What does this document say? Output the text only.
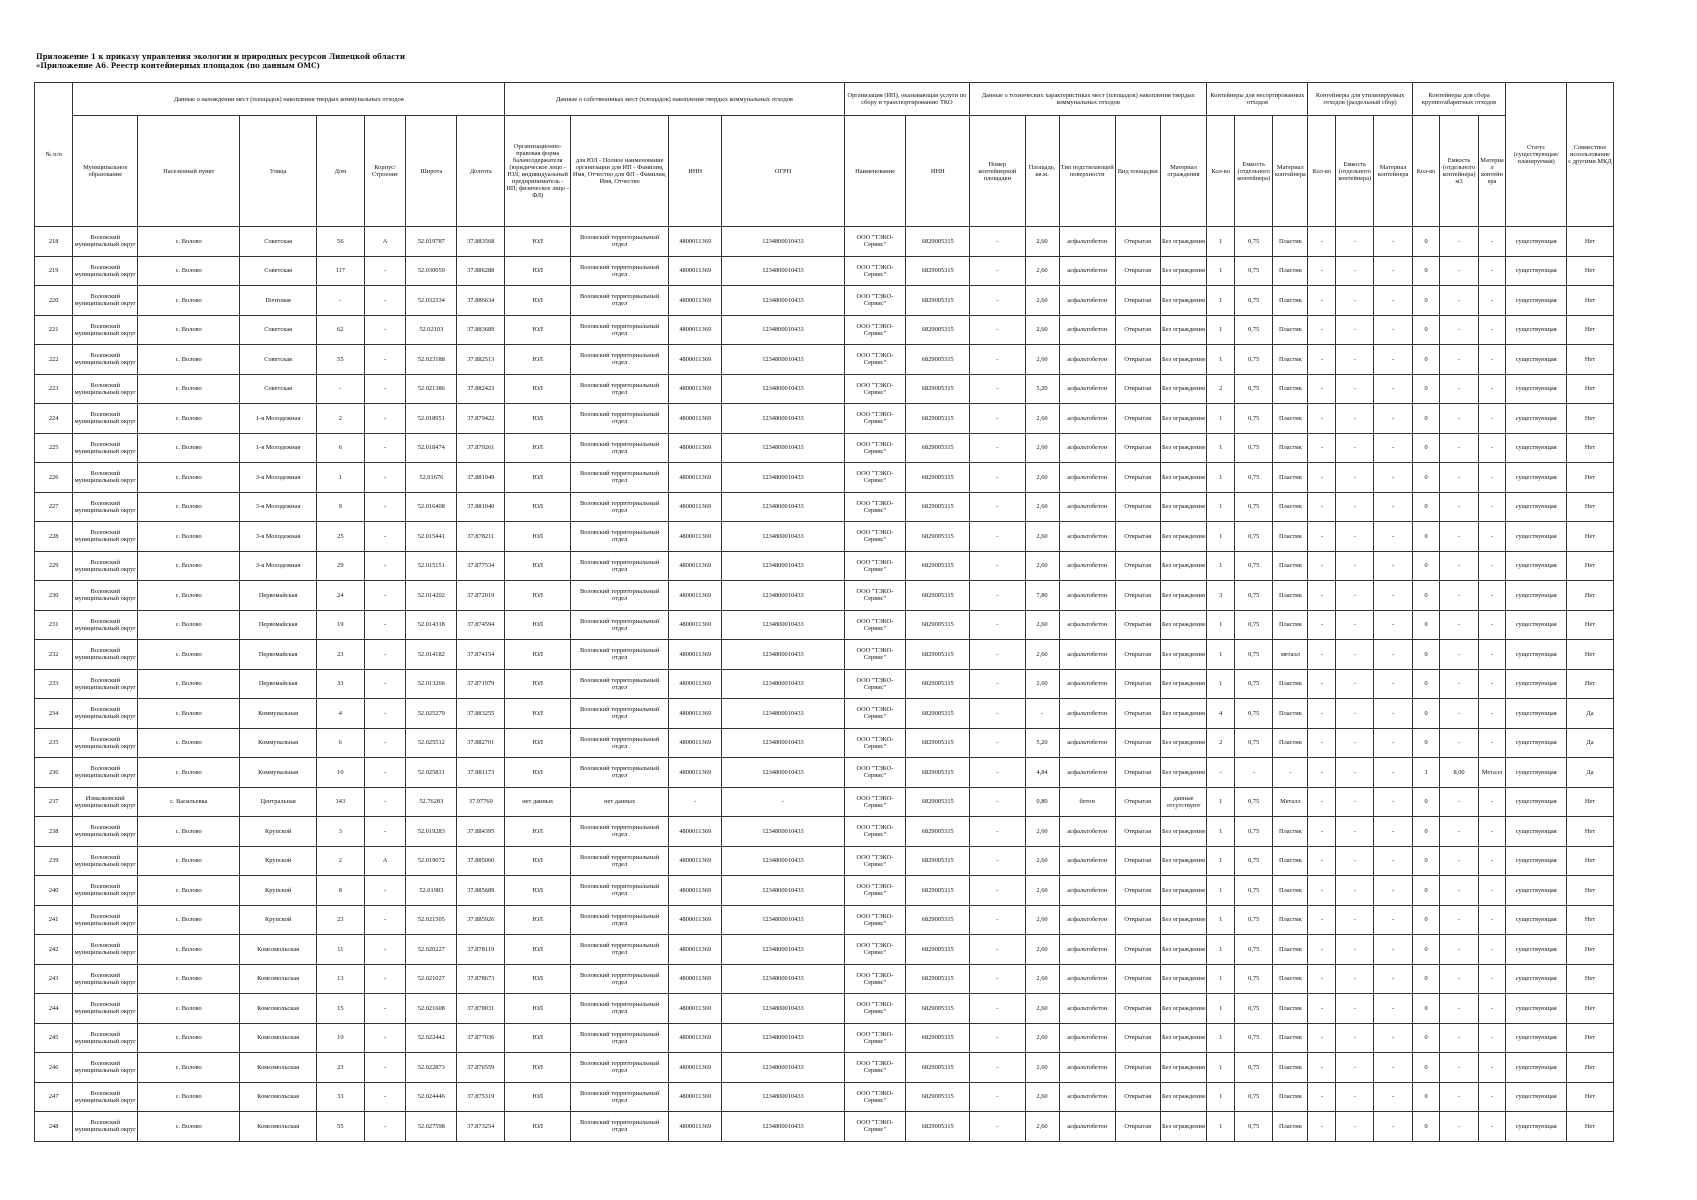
Приложение 1 к приказу управления экологии и природных ресурсов Липецкой области
«Приложение А6. Реестр контейнерных площадок (по данным ОМС)
№ п/п	Данные о нахождении мест (площадок) накопления твердых коммунальных отходов							Данные о собственниках мест (площадок) накопления твердых коммунальных отходов				Организация (ИП), оказывающая услуги по сбору и транспортированию ТКО		Данные о технических характеристиках мест (площадок) накопления твердых коммунальных отходов					Контейнеры для несортированных отходов			Контейнеры для утилизируемых отходов (раздельный сбор)			Контейнеры для сбора крупногабаритных отходов			Статус (существующая/ планируемая)	Совместное использование с другими МКД
	Муниципальное образование	Населенный пункт	Улица	Дом	Корпус/Строение	Широта	Долгота	Организационно-правовая форма балансодержателя (юридическое лицо - ЮЛ; индивидуальный предприниматель - ИП; физическое лицо - ФЛ)	для ЮЛ - Полное наименование организации для ИП - Фамилия, Имя, Отчество для ФЛ - Фамилия, Имя, Отчество	ИНН	ОГРН	Наименование	ИНН	Номер контейнерной площадки	Площадь, кв.м.	Тип подстилающей поверхности	Вид площадки	Материал ограждения	Кол-во	Емкость (отдельного контейнера)	Материал контейнера	Кол-во	Емкость (отдельного контейнера)	Материал контейнера	Кол-во	Емкость (отдельного контейнера) м3	Материал контейнера		
218	Воловский муниципальный округ	с. Волово	Советская	56	А	52.019787	37.883568	ЮЛ	Воловский территориальный отдел	4800011369	1234800010433	ООО "ТЭКО-Сервис"	6829005315	-	2,60	асфальтобетон	Открытая	Без ограждения	1	0,75	Пластик	-	-	-	0	-	-	существующая	Нет
219	Воловский муниципальный округ	с. Волово	Советская	117	-	52.030059	37.886288	ЮЛ	Воловский территориальный отдел	4800011369	1234800010433	ООО "ТЭКО-Сервис"	6829005315	-	2,60	асфальтобетон	Открытая	Без ограждения	1	0,75	Пластик	-	-	-	0	-	-	существующая	Нет
220	Воловский муниципальный округ	с. Волово	Почтовая	-	-	52.032334	37.886634	ЮЛ	Воловский территориальный отдел	4800011369	1234800010433	ООО "ТЭКО-Сервис"	6829005315	-	2,60	асфальтобетон	Открытая	Без ограждения	1	0,75	Пластик	-	-	-	0	-	-	существующая	Нет
221	Воловский муниципальный округ	с. Волово	Советская	62	-	52.02103	37.883689	ЮЛ	Воловский территориальный отдел	4800011369	1234800010433	ООО "ТЭКО-Сервис"	6829005315	-	2,60	асфальтобетон	Открытая	Без ограждения	1	0,75	Пластик	-	-	-	0	-	-	существующая	Нет
222	Воловский муниципальный округ	с. Волово	Советская	55	-	52.023188	37.882513	ЮЛ	Воловский территориальный отдел	4800011369	1234800010433	ООО "ТЭКО-Сервис"	6829005315	-	2,60	асфальтобетон	Открытая	Без ограждения	1	0,75	Пластик	-	-	-	0	-	-	существующая	Нет
223	Воловский муниципальный округ	с. Волово	Советская	-	-	52.021386	37.882423	ЮЛ	Воловский территориальный отдел	4800011369	1234800010433	ООО "ТЭКО-Сервис"	6829005315	-	5,20	асфальтобетон	Открытая	Без ограждения	2	0,75	Пластик	-	-	-	0	-	-	существующая	Нет
224	Воловский муниципальный округ	с. Волово	1-я Молодежная	2	-	52.018951	37.879422	ЮЛ	Воловский территориальный отдел	4800011369	1234800010433	ООО "ТЭКО-Сервис"	6829005315	-	2,60	асфальтобетон	Открытая	Без ограждения	1	0,75	Пластик	-	-	-	0	-	-	существующая	Нет
225	Воловский муниципальный округ	с. Волово	1-я Молодежная	6	-	52.018474	37.879261	ЮЛ	Воловский территориальный отдел	4800011369	1234800010433	ООО "ТЭКО-Сервис"	6829005315	-	2,60	асфальтобетон	Открытая	Без ограждения	1	0,75	Пластик	-	-	-	0	-	-	существующая	Нет
226	Воловский муниципальный округ	с. Волово	3-я Молодежная	1	-	52.01676	37.881949	ЮЛ	Воловский территориальный отдел	4800011369	1234800010433	ООО "ТЭКО-Сервис"	6829005315	-	2,60	асфальтобетон	Открытая	Без ограждения	1	0,75	Пластик	-	-	-	0	-	-	существующая	Нет
227	Воловский муниципальный округ	с. Волово	3-я Молодежная	9	-	52.016408	37.881940	ЮЛ	Воловский территориальный отдел	4800011369	1234800010433	ООО "ТЭКО-Сервис"	6829005315	-	2,60	асфальтобетон	Открытая	Без ограждения	1	0,75	Пластик	-	-	-	0	-	-	существующая	Нет
228	Воловский муниципальный округ	с. Волово	3-я Молодежная	25	-	52.015441	37.878211	ЮЛ	Воловский территориальный отдел	4800011369	1234800010433	ООО "ТЭКО-Сервис"	6829005315	-	2,60	асфальтобетон	Открытая	Без ограждения	1	0,75	Пластик	-	-	-	0	-	-	существующая	Нет
229	Воловский муниципальный округ	с. Волово	3-я Молодежная	29	-	52.015151	37.877534	ЮЛ	Воловский территориальный отдел	4800011369	1234800010433	ООО "ТЭКО-Сервис"	6829005315	-	2,60	асфальтобетон	Открытая	Без ограждения	1	0,75	Пластик	-	-	-	0	-	-	существующая	Нет
230	Воловский муниципальный округ	с. Волово	Первомайская	24	-	52.014202	37.872019	ЮЛ	Воловский территориальный отдел	4800011369	1234800010433	ООО "ТЭКО-Сервис"	6829005315	-	7,80	асфальтобетон	Открытая	Без ограждения	3	0,75	Пластик	-	-	-	0	-	-	существующая	Нет
231	Воловский муниципальный округ	с. Волово	Первомайская	19	-	52.014318	37.874594	ЮЛ	Воловский территориальный отдел	4800011369	1234800010433	ООО "ТЭКО-Сервис"	6829005315	-	2,60	асфальтобетон	Открытая	Без ограждения	1	0,75	Пластик	-	-	-	0	-	-	существующая	Нет
232	Воловский муниципальный округ	с. Волово	Первомайская	23	-	52.014182	37.874154	ЮЛ	Воловский территориальный отдел	4800011369	1234800010433	ООО "ТЭКО-Сервис"	6829005315	-	2,60	асфальтобетон	Открытая	Без ограждения	1	0,75	металл	-	-	-	0	-	-	существующая	Нет
233	Воловский муниципальный округ	с. Волово	Первомайская	33	-	52.013266	37.871979	ЮЛ	Воловский территориальный отдел	4800011369	1234800010433	ООО "ТЭКО-Сервис"	6829005315	-	2,60	асфальтобетон	Открытая	Без ограждения	1	0,75	Пластик	-	-	-	0	-	-	существующая	Нет
234	Воловский муниципальный округ	с. Волово	Коммунальная	4	-	52.025279	37.883255	ЮЛ	Воловский территориальный отдел	4800011369	1234800010433	ООО "ТЭКО-Сервис"	6829005315	-	-	асфальтобетон	Открытая	Без ограждения	4	0,75	Пластик	-	-	-	0	-	-	существующая	Да
235	Воловский муниципальный округ	с. Волово	Коммунальная	6	-	52.025512	37.882701	ЮЛ	Воловский территориальный отдел	4800011369	1234800010433	ООО "ТЭКО-Сервис"	6829005315	-	5,20	асфальтобетон	Открытая	Без ограждения	2	0,75	Пластик	-	-	-	0	-	-	существующая	Да
236	Воловский муниципальный округ	с. Волово	Коммунальная	10	-	52.025831	37.881173	ЮЛ	Воловский территориальный отдел	4800011369	1234800010433	ООО "ТЭКО-Сервис"	6829005315	-	4,84	асфальтобетон	Открытая	Без ограждения	-	-	-	-	-	-	1	8,00	Металл	существующая	Да
237	Измалковский муниципальный округ	с. Васильевка	Центральная	143	-	52.76283	37.97760	нет данных	нет данных	-	-	ООО "ТЭКО-Сервис"	6829005315	-	0,80	бетон	Открытая	данные отсутствуют	1	0,75	Металл	-	-	-	0	-	-	существующая	Нет
238	Воловский муниципальный округ	с. Волово	Крупской	3	-	52.019283	37.884395	ЮЛ	Воловский территориальный отдел	4800011369	1234800010433	ООО "ТЭКО-Сервис"	6829005315	-	2,60	асфальтобетон	Открытая	Без ограждения	1	0,75	Пластик	-	-	-	0	-	-	существующая	Нет
239	Воловский муниципальный округ	с. Волово	Крупской	2	А	52.019072	37.885060	ЮЛ	Воловский территориальный отдел	4800011369	1234800010433	ООО "ТЭКО-Сервис"	6829005315	-	2,60	асфальтобетон	Открытая	Без ограждения	1	0,75	Пластик	-	-	-	0	-	-	существующая	Нет
240	Воловский муниципальный округ	с. Волово	Крупской	8	-	52.01983	37.885689	ЮЛ	Воловский территориальный отдел	4800011369	1234800010433	ООО "ТЭКО-Сервис"	6829005315	-	2,60	асфальтобетон	Открытая	Без ограждения	1	0,75	Пластик	-	-	-	0	-	-	существующая	Нет
241	Воловский муниципальный округ	с. Волово	Крупской	23	-	52.021505	37.885926	ЮЛ	Воловский территориальный отдел	4800011369	1234800010433	ООО "ТЭКО-Сервис"	6829005315	-	2,60	асфальтобетон	Открытая	Без ограждения	1	0,75	Пластик	-	-	-	0	-	-	существующая	Нет
242	Воловский муниципальный округ	с. Волово	Комсомольская	11	-	52.020227	37.878119	ЮЛ	Воловский территориальный отдел	4800011369	1234800010433	ООО "ТЭКО-Сервис"	6829005315	-	2,60	асфальтобетон	Открытая	Без ограждения	1	0,75	Пластик	-	-	-	0	-	-	существующая	Нет
243	Воловский муниципальный округ	с. Волово	Комсомольская	13	-	52.021027	37.878673	ЮЛ	Воловский территориальный отдел	4800011369	1234800010433	ООО "ТЭКО-Сервис"	6829005315	-	2,60	асфальтобетон	Открытая	Без ограждения	1	0,75	Пластик	-	-	-	0	-	-	существующая	Нет
244	Воловский муниципальный округ	с. Волово	Комсомольская	15	-	52.021608	37.878031	ЮЛ	Воловский территориальный отдел	4800011369	1234800010433	ООО "ТЭКО-Сервис"	6829005315	-	2,60	асфальтобетон	Открытая	Без ограждения	1	0,75	Пластик	-	-	-	0	-	-	существующая	Нет
245	Воловский муниципальный округ	с. Волово	Комсомольская	19	-	52.022442	37.877036	ЮЛ	Воловский территориальный отдел	4800011369	1234800010433	ООО "ТЭКО-Сервис"	6829005315	-	2,60	асфальтобетон	Открытая	Без ограждения	1	0,75	Пластик	-	-	-	0	-	-	существующая	Нет
246	Воловский муниципальный округ	с. Волово	Комсомольская	23	-	52.022873	37.876559	ЮЛ	Воловский территориальный отдел	4800011369	1234800010433	ООО "ТЭКО-Сервис"	6829005315	-	2,60	асфальтобетон	Открытая	Без ограждения	1	0,75	Пластик	-	-	-	0	-	-	существующая	Нет
247	Воловский муниципальный округ	с. Волово	Комсомольская	33	-	52.024446	37.875319	ЮЛ	Воловский территориальный отдел	4800011369	1234800010433	ООО "ТЭКО-Сервис"	6829005315	-	2,60	асфальтобетон	Открытая	Без ограждения	1	0,75	Пластик	-	-	-	0	-	-	существующая	Нет
248	Воловский муниципальный округ	с. Волово	Комсомольская	55	-	52.027598	37.873254	ЮЛ	Воловский территориальный отдел	4800011369	1234800010433	ООО "ТЭКО-Сервис"	6829005315	-	2,60	асфальтобетон	Открытая	Без ограждения	1	0,75	Пластик	-	-	-	0	-	-	существующая	Нет
